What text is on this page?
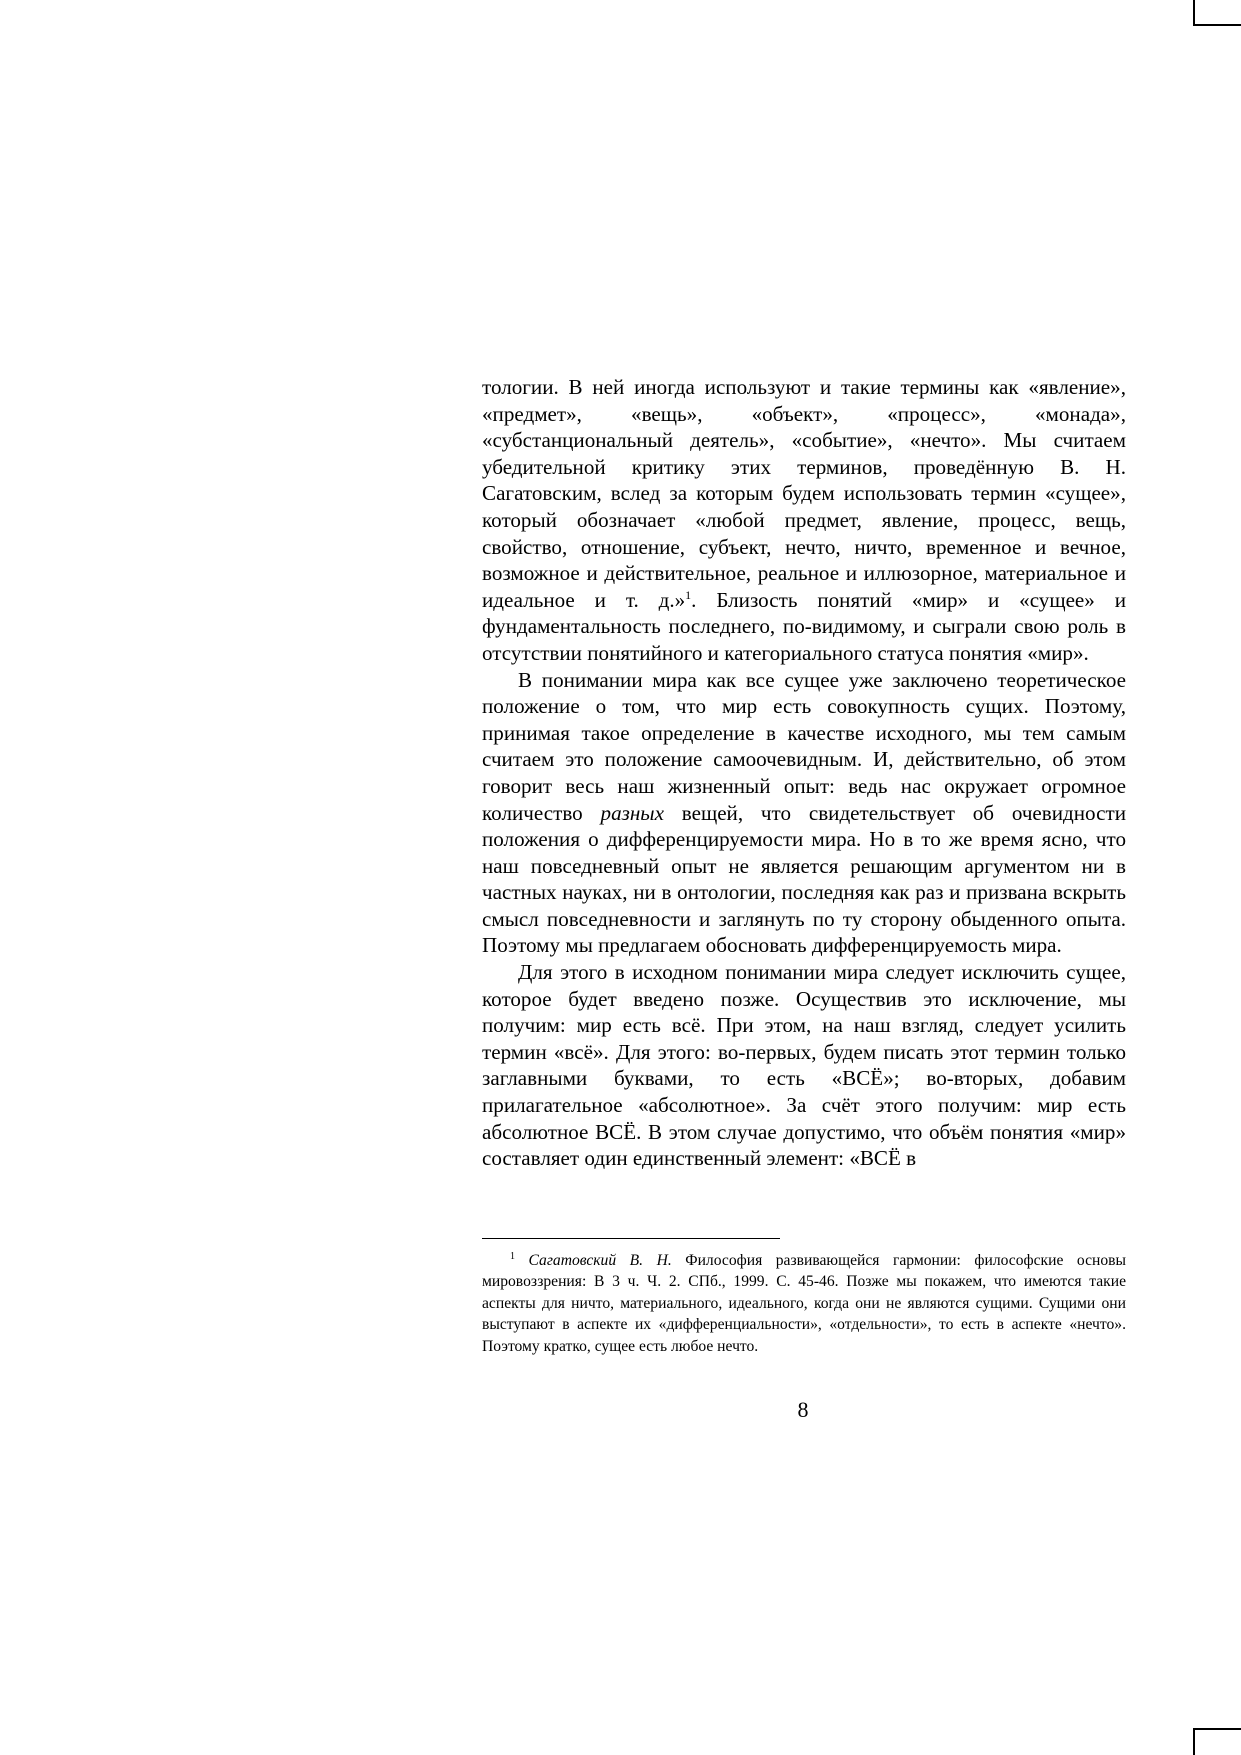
тологии. В ней иногда используют и такие термины как «явление», «предмет», «вещь», «объект», «процесс», «монада», «субстанциональный деятель», «событие», «нечто». Мы считаем убедительной критику этих терминов, проведённую В. Н. Сагатовским, вслед за которым будем использовать термин «сущее», который обозначает «любой предмет, явление, процесс, вещь, свойство, отношение, субъект, нечто, ничто, временное и вечное, возможное и действительное, реальное и иллюзорное, материальное и идеальное и т. д.»$^1$. Близость понятий «мир» и «сущее» и фундаментальность последнего, по-видимому, и сыграли свою роль в отсутствии понятийного и категориального статуса понятия «мир».

В понимании мира как все сущее уже заключено теоретическое положение о том, что мир есть совокупность сущих. Поэтому, принимая такое определение в качестве исходного, мы тем самым считаем это положение самоочевидным. И, действительно, об этом говорит весь наш жизненный опыт: ведь нас окружает огромное количество разных вещей, что свидетельствует об очевидности положения о дифференцируемости мира. Но в то же время ясно, что наш повседневный опыт не является решающим аргументом ни в частных науках, ни в онтологии, последняя как раз и призвана вскрыть смысл повседневности и заглянуть по ту сторону обыденного опыта. Поэтому мы предлагаем обосновать дифференцируемость мира.

Для этого в исходном понимании мира следует исключить сущее, которое будет введено позже. Осуществив это исключение, мы получим: мир есть всё. При этом, на наш взгляд, следует усилить термин «всё». Для этого: во-первых, будем писать этот термин только заглавными буквами, то есть «ВСЁ»; во-вторых, добавим прилагательное «абсолютное». За счёт этого получим: мир есть абсолютное ВСЁ. В этом случае допустимо, что объём понятия «мир» составляет один единственный элемент: «ВСЁ в

$^1$ Сагатовский В. Н. Философия развивающейся гармонии: философские основы мировоззрения: В 3 ч. Ч. 2. СПб., 1999. С. 45-46. Позже мы покажем, что имеются такие аспекты для ничто, материального, идеального, когда они не являются сущими. Сущими они выступают в аспекте их «дифференциальности», «отдельности», то есть в аспекте «нечто». Поэтому кратко, сущее есть любое нечто.

8
